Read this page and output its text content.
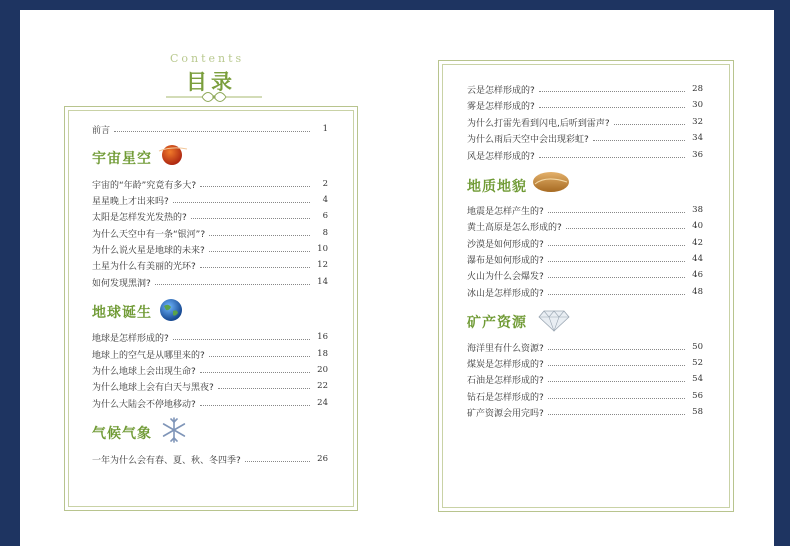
Contents
目录
前言	1
宇宙星空
宇宙的“年龄”究竟有多大?	2
星星晚上才出来吗?	4
太阳是怎样发光发热的?	6
为什么天空中有一条“银河”?	8
为什么说火星是地球的未来?	10
土星为什么有美丽的光环?	12
如何发现黑洞?	14
地球诞生
地球是怎样形成的?	16
地球上的空气是从哪里来的?	18
为什么地球上会出现生命?	20
为什么地球上会有白天与黑夜?	22
为什么大陆会不停地移动?	24
气候气象
一年为什么会有春、夏、秋、冬四季?	26
云是怎样形成的?	28
雾是怎样形成的?	30
为什么打雷先看到闪电,后听到雷声?	32
为什么雨后天空中会出现彩虹?	34
风是怎样形成的?	36
地质地貌
地震是怎样产生的?	38
黄土高原是怎么形成的?	40
沙漠是如何形成的?	42
瀑布是如何形成的?	44
火山为什么会爆发?	46
冰山是怎样形成的?	48
矿产资源
海洋里有什么资源?	50
煤炭是怎样形成的?	52
石油是怎样形成的?	54
钻石是怎样形成的?	56
矿产资源会用完吗?	58
